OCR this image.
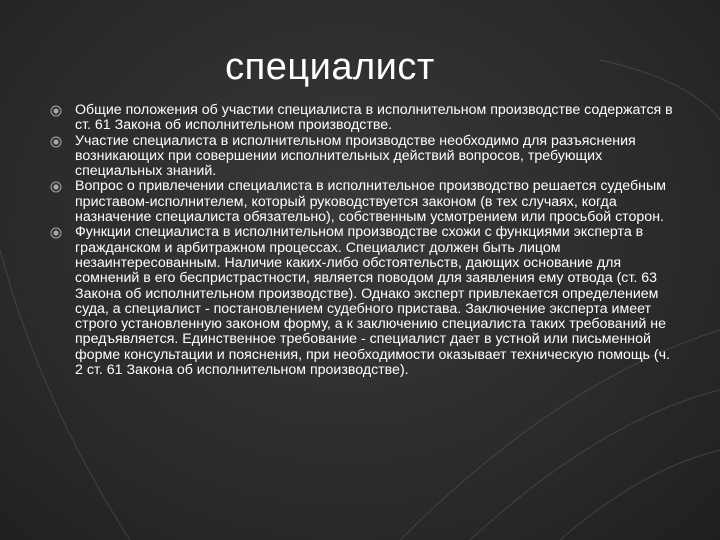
специалист
Общие положения об участии специалиста в исполнительном производстве содержатся в ст. 61 Закона об исполнительном производстве.
Участие специалиста в исполнительном производстве необходимо для разъяснения возникающих при совершении исполнительных действий вопросов, требующих специальных знаний.
Вопрос о привлечении специалиста в исполнительное производство решается судебным приставом-исполнителем, который руководствуется законом (в тех случаях, когда назначение специалиста обязательно), собственным усмотрением или просьбой сторон.
Функции специалиста в исполнительном производстве схожи с функциями эксперта в гражданском и арбитражном процессах. Специалист должен быть лицом незаинтересованным. Наличие каких-либо обстоятельств, дающих основание для сомнений в его беспристрастности, является поводом для заявления ему отвода (ст. 63 Закона об исполнительном производстве). Однако эксперт привлекается определением суда, а специалист - постановлением судебного пристава. Заключение эксперта имеет строго установленную законом форму, а к заключению специалиста таких требований не предъявляется. Единственное требование - специалист дает в устной или письменной форме консультации и пояснения, при необходимости оказывает техническую помощь (ч. 2 ст. 61 Закона об исполнительном производстве).
